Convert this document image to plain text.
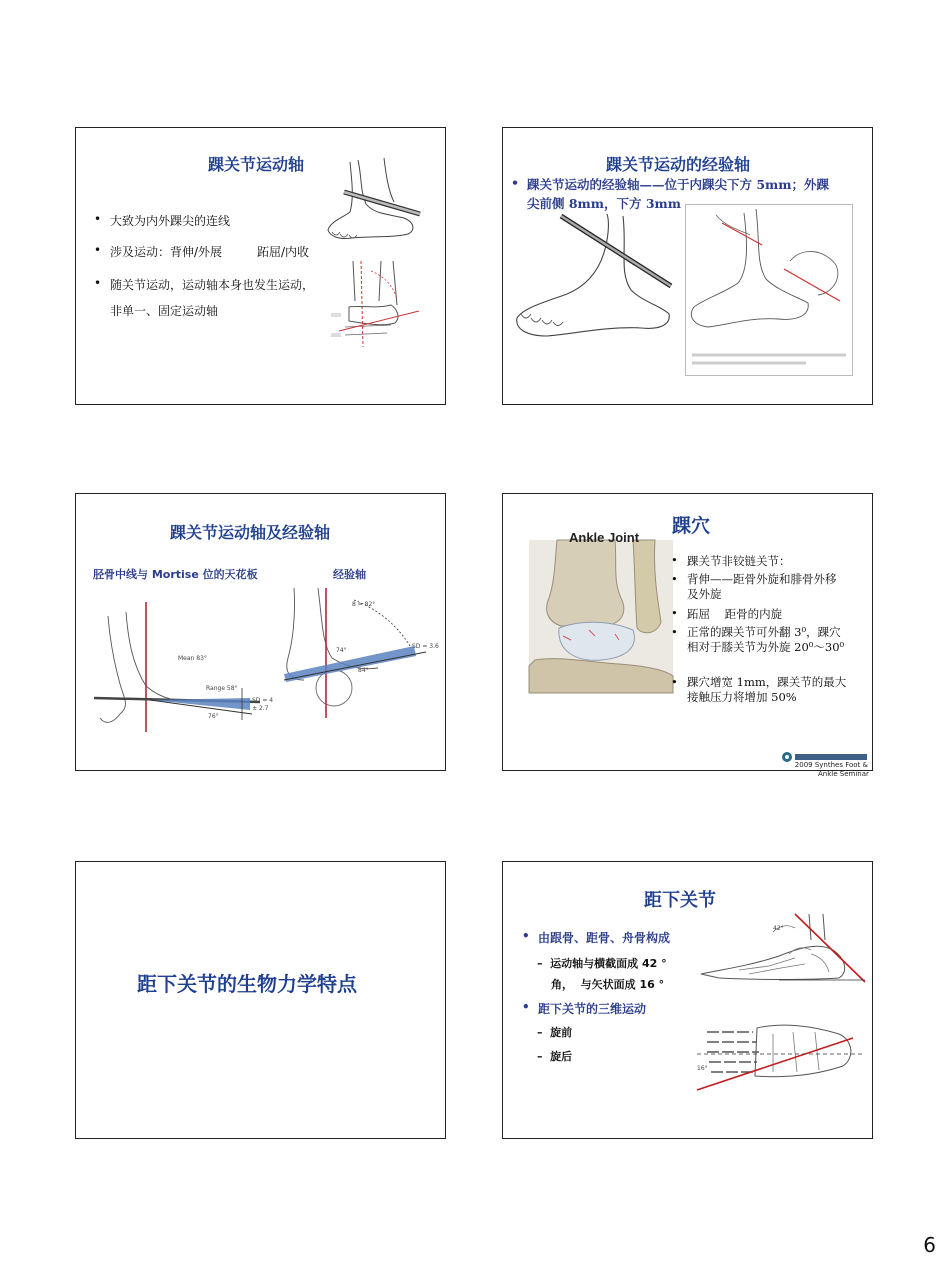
踝关节运动轴
• 大致为内外踝尖的连线
• 涉及运动：背伸/外展	跖屈/内收
• 随关节运动，运动轴本身也发生运动，
非单一、固定运动轴
踝关节运动的经验轴
• 踝关节运动的经验轴——位于内踝尖下方 5mm；外踝
尖前侧 8mm，下方 3mm
踝关节运动轴及经验轴
胫骨中线与 Mortise 位的天花板	经验轴
Mean 83°
Range 58°
SD = 4
± 2.7
76°
8 = 82°
SD = 3.6
84°
74°
踝穴
Ankle Joint
• 踝关节非铰链关节：
• 背伸——距骨外旋和腓骨外移及外旋
• 跖屈    距骨的内旋
• 正常的踝关节可外翻 3⁰，踝穴相对于膝关节为外旋 20⁰～30⁰
• 踝穴增宽 1mm，踝关节的最大接触压力将增加 50%
2009 Synthes Foot &
Ankle Seminar
距下关节的生物力学特点
距下关节
• 由跟骨、距骨、舟骨构成
–  运动轴与横截面成 42 °
角，  与矢状面成 16 °
• 距下关节的三维运动
–  旋前
–  旋后
42°
16°
6
